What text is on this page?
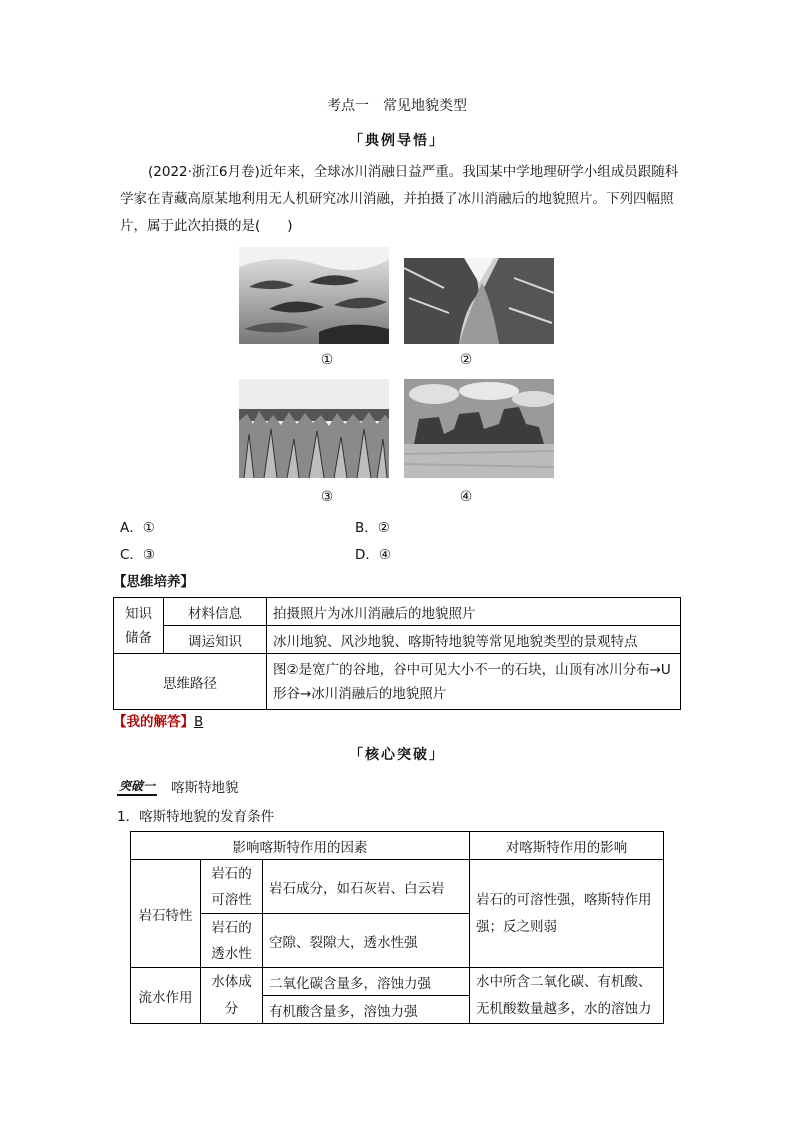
考点一　常见地貌类型
「典例导悟」
(2022·浙江6月卷)近年来，全球冰川消融日益严重。我国某中学地理研学小组成员跟随科学家在青藏高原某地利用无人机研究冰川消融，并拍摄了冰川消融后的地貌照片。下列四幅照片，属于此次拍摄的是(　　)
①	②
③	④
A．①	B．②
C．③	D．④
【思维培养】
知识储备	材料信息	拍摄照片为冰川消融后的地貌照片
	调运知识	冰川地貌、风沙地貌、喀斯特地貌等常见地貌类型的景观特点
思维路径		图②是宽广的谷地，谷中可见大小不一的石块，山顶有冰川分布→U形谷→冰川消融后的地貌照片
【我的解答】B
「核心突破」
突破一 喀斯特地貌
1．喀斯特地貌的发育条件
影响喀斯特作用的因素			对喀斯特作用的影响
岩石特性	岩石的可溶性	岩石成分，如石灰岩、白云岩	岩石的可溶性强，喀斯特作用强；反之则弱
	岩石的透水性	空隙、裂隙大，透水性强	
流水作用	水体成分	二氧化碳含量多，溶蚀力强	水中所含二氧化碳、有机酸、无机酸数量越多，水的溶蚀力
		有机酸含量多，溶蚀力强	
